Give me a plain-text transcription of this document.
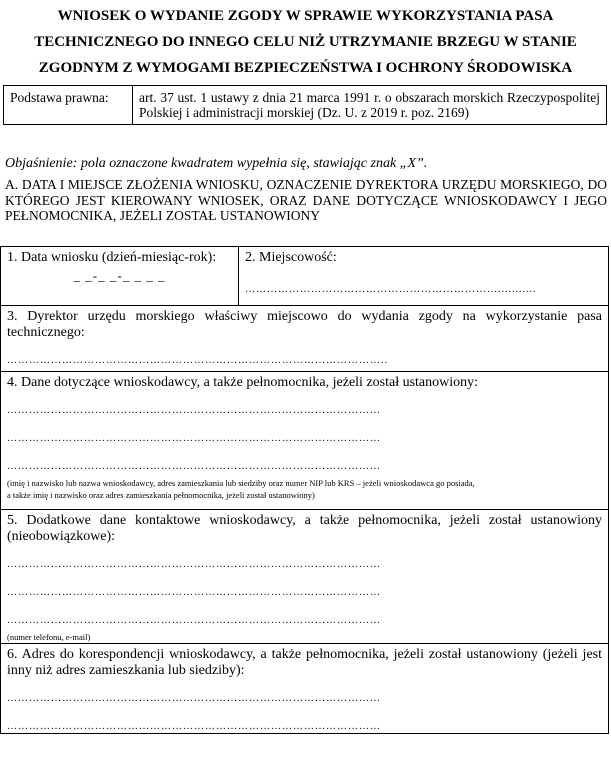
WNIOSEK O WYDANIE ZGODY W SPRAWIE WYKORZYSTANIA PASA
TECHNICZNEGO DO INNEGO CELU NIŻ UTRZYMANIE BRZEGU W STANIE
ZGODNYM Z WYMOGAMI BEZPIECZEŃSTWA I OCHRONY ŚRODOWISKA
Podstawa prawna:	art. 37 ust. 1 ustawy z dnia 21 marca 1991 r. o obszarach morskich Rzeczypospolitej Polskiej i administracji morskiej (Dz. U. z 2019 r. poz. 2169)

Objaśnienie: pola oznaczone kwadratem wypełnia się, stawiając znak „X”.

A. DATA I MIEJSCE ZŁOŻENIA WNIOSKU, OZNACZENIE DYREKTORA URZĘDU MORSKIEGO, DO KTÓREGO JEST KIEROWANY WNIOSEK, ORAZ DANE DOTYCZĄCE WNIOSKODAWCY I JEGO PEŁNOMOCNIKA, JEŻELI ZOSTAŁ USTANOWIONY

1. Data wniosku (dzień-miesiąc-rok):
_ _-_ _-_ _ _ _

2. Miejscowość:
……………………………………………………………...........

3. Dyrektor urzędu morskiego właściwy miejscowo do wydania zgody na wykorzystanie pasa technicznego:
…………………………………………………………………………………………..

4. Dane dotyczące wnioskodawcy, a także pełnomocnika, jeżeli został ustanowiony:
…………………………………………………………………………………………
…………………………………………………………………………………………
…………………………………………………………………………………………
(imię i nazwisko lub nazwa wnioskodawcy, adres zamieszkania lub siedziby oraz numer NIP lub KRS – jeżeli wnioskodawca go posiada,
a także imię i nazwisko oraz adres zamieszkania pełnomocnika, jeżeli został ustanowiony)

5. Dodatkowe dane kontaktowe wnioskodawcy, a także pełnomocnika, jeżeli został ustanowiony (nieobowiązkowe):
…………………………………………………………………………………………
…………………………………………………………………………………………
…………………………………………………………………………………………
(numer telefonu, e-mail)

6. Adres do korespondencji wnioskodawcy, a także pełnomocnika, jeżeli został ustanowiony (jeżeli jest inny niż adres zamieszkania lub siedziby):
…………………………………………………………………………………………
…………………………………………………………………………………………
